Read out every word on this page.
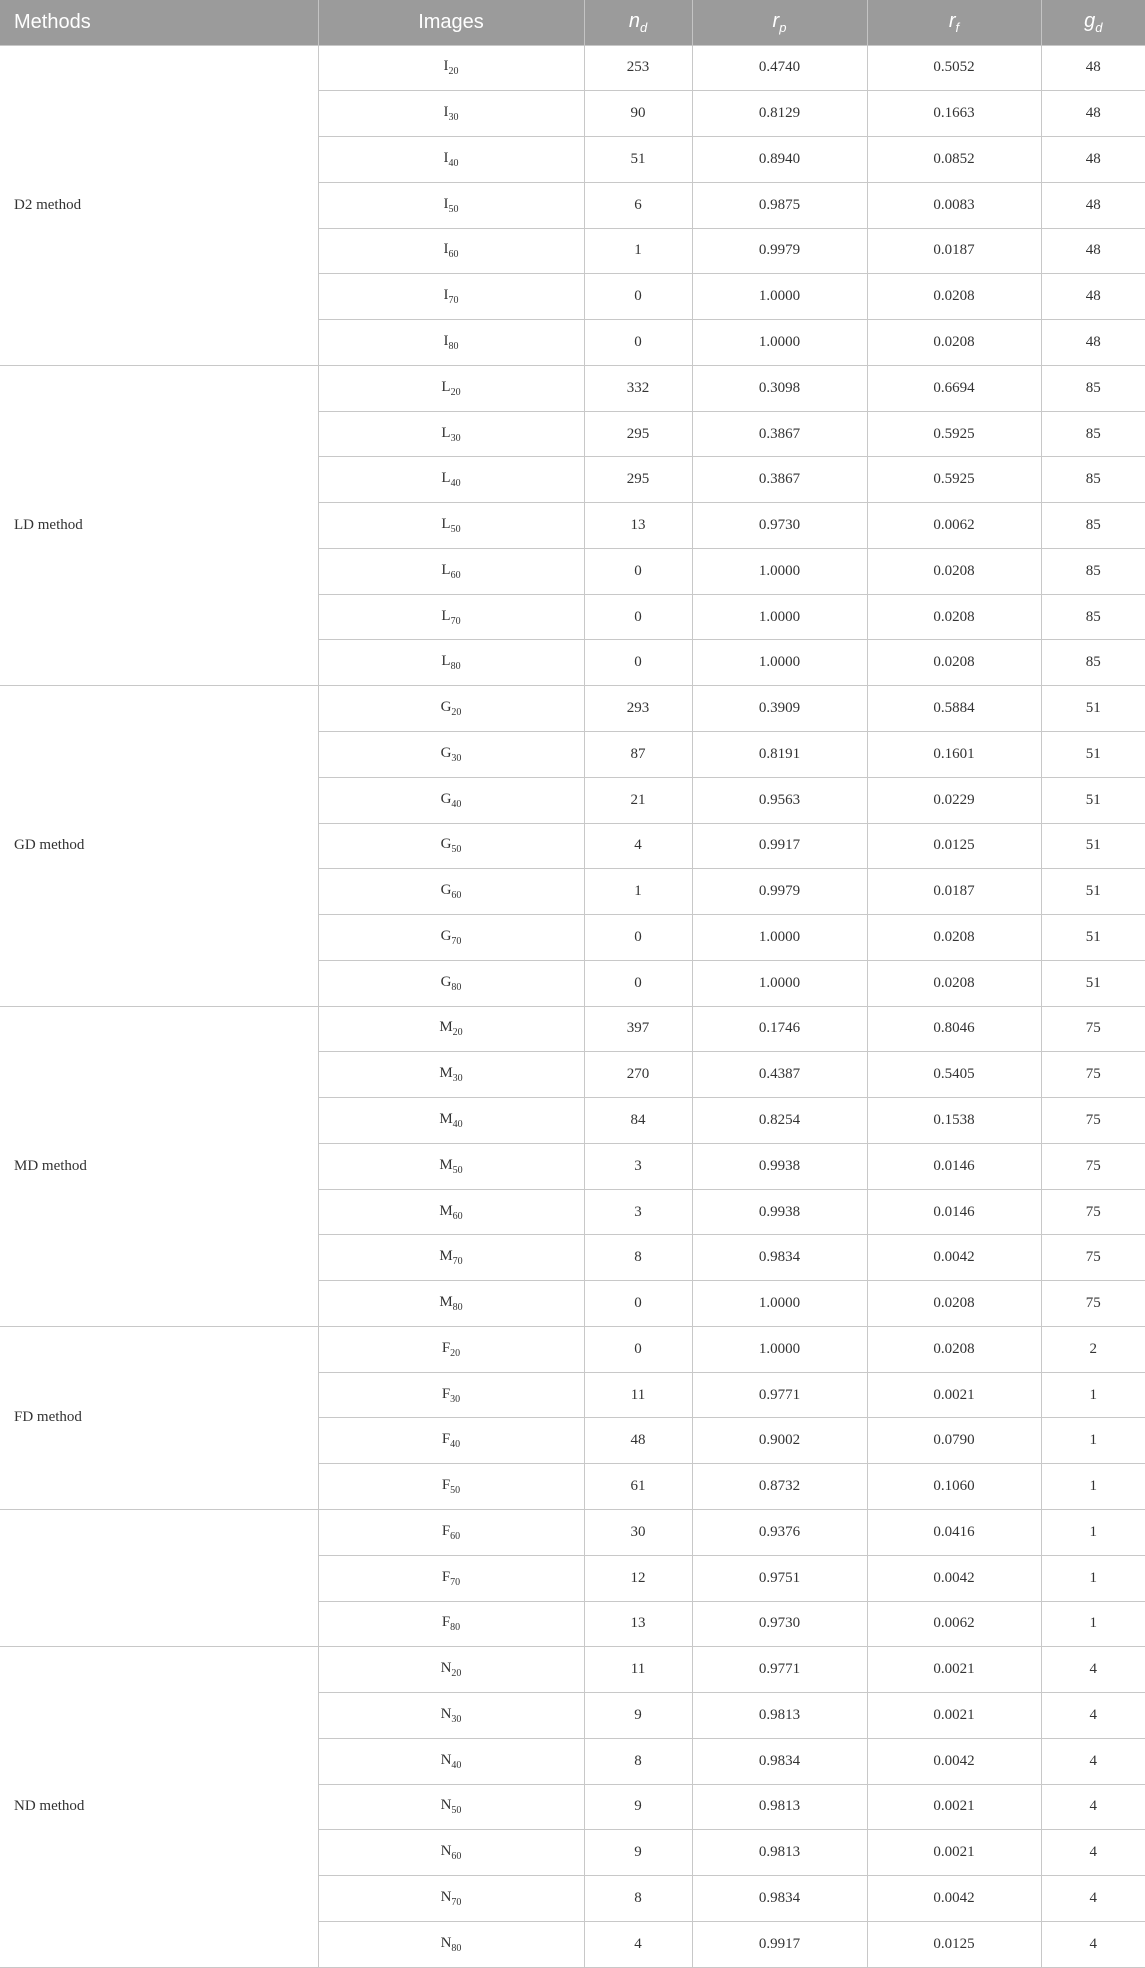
Methods	Images	$n_d$	$r_p$	$r_f$	$g_d$
D2 method	$I_{20}$	253	0.4740	0.5052	48
	$I_{30}$	90	0.8129	0.1663	48
	$I_{40}$	51	0.8940	0.0852	48
	$I_{50}$	6	0.9875	0.0083	48
	$I_{60}$	1	0.9979	0.0187	48
	$I_{70}$	0	1.0000	0.0208	48
	$I_{80}$	0	1.0000	0.0208	48
LD method	$L_{20}$	332	0.3098	0.6694	85
	$L_{30}$	295	0.3867	0.5925	85
	$L_{40}$	295	0.3867	0.5925	85
	$L_{50}$	13	0.9730	0.0062	85
	$L_{60}$	0	1.0000	0.0208	85
	$L_{70}$	0	1.0000	0.0208	85
	$L_{80}$	0	1.0000	0.0208	85
GD method	$G_{20}$	293	0.3909	0.5884	51
	$G_{30}$	87	0.8191	0.1601	51
	$G_{40}$	21	0.9563	0.0229	51
	$G_{50}$	4	0.9917	0.0125	51
	$G_{60}$	1	0.9979	0.0187	51
	$G_{70}$	0	1.0000	0.0208	51
	$G_{80}$	0	1.0000	0.0208	51
MD method	$M_{20}$	397	0.1746	0.8046	75
	$M_{30}$	270	0.4387	0.5405	75
	$M_{40}$	84	0.8254	0.1538	75
	$M_{50}$	3	0.9938	0.0146	75
	$M_{60}$	3	0.9938	0.0146	75
	$M_{70}$	8	0.9834	0.0042	75
	$M_{80}$	0	1.0000	0.0208	75
FD method	$F_{20}$	0	1.0000	0.0208	2
	$F_{30}$	11	0.9771	0.0021	1
	$F_{40}$	48	0.9002	0.0790	1
	$F_{50}$	61	0.8732	0.1060	1
	$F_{60}$	30	0.9376	0.0416	1
	$F_{70}$	12	0.9751	0.0042	1
	$F_{80}$	13	0.9730	0.0062	1
ND method	$N_{20}$	11	0.9771	0.0021	4
	$N_{30}$	9	0.9813	0.0021	4
	$N_{40}$	8	0.9834	0.0042	4
	$N_{50}$	9	0.9813	0.0021	4
	$N_{60}$	9	0.9813	0.0021	4
	$N_{70}$	8	0.9834	0.0042	4
	$N_{80}$	4	0.9917	0.0125	4
